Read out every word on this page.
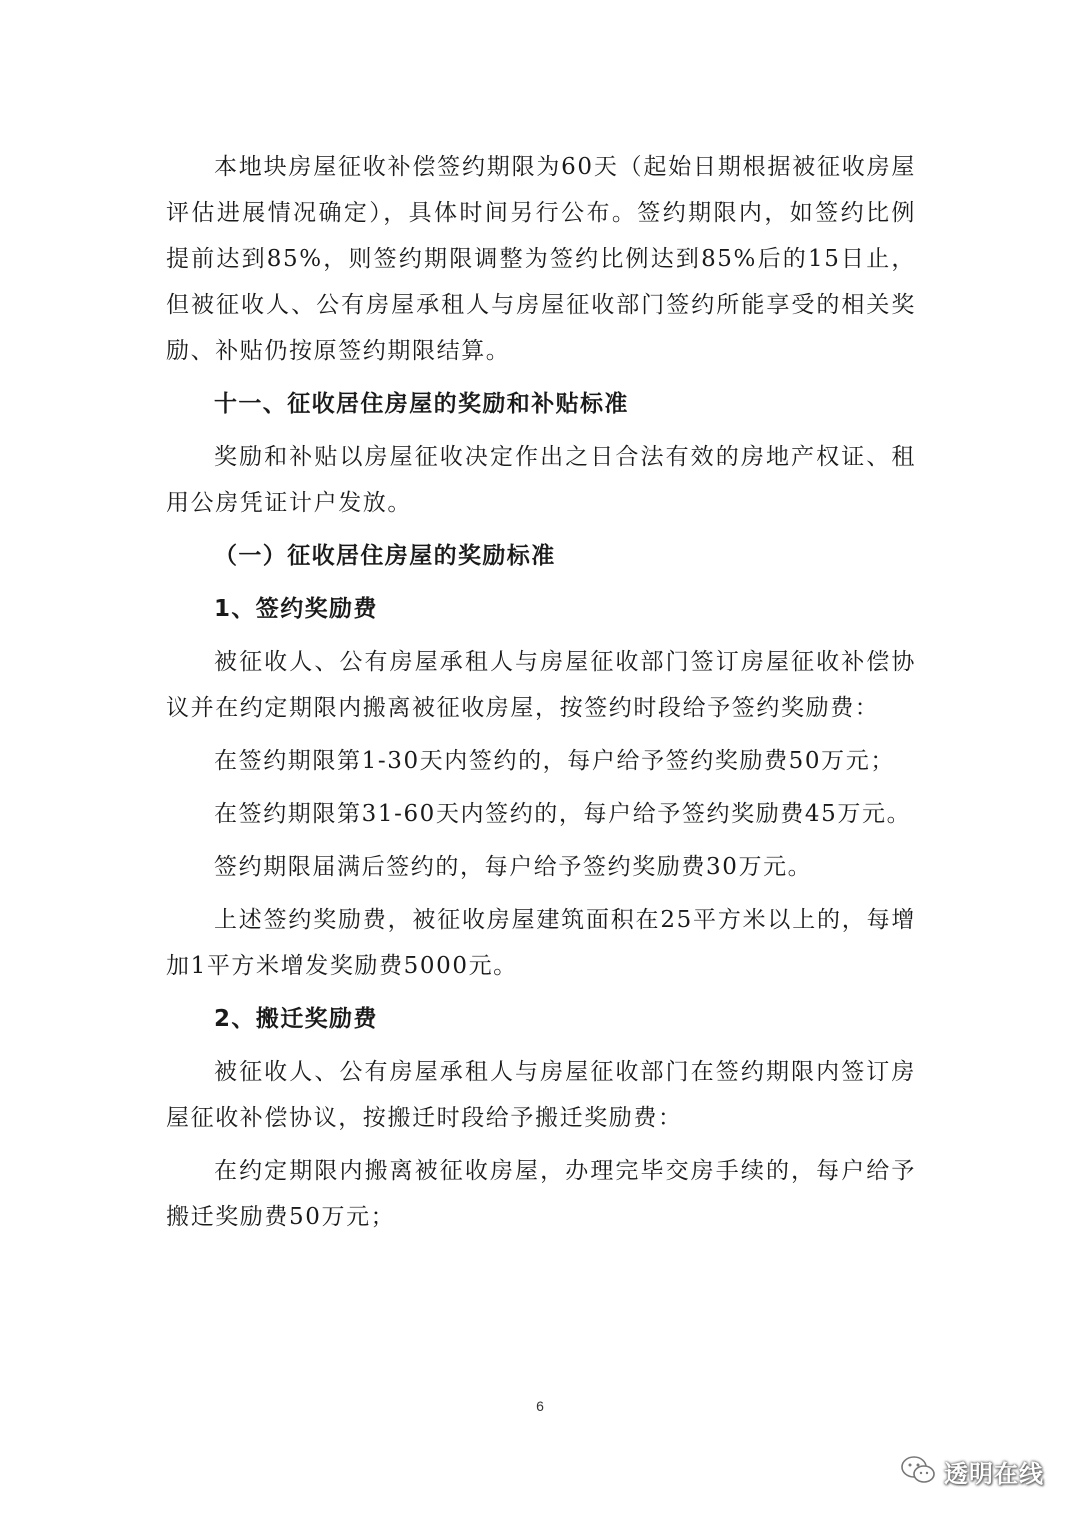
本地块房屋征收补偿签约期限为60天（起始日期根据被征收房屋评估进展情况确定），具体时间另行公布。签约期限内，如签约比例提前达到85%，则签约期限调整为签约比例达到85%后的15日止，但被征收人、公有房屋承租人与房屋征收部门签约所能享受的相关奖励、补贴仍按原签约期限结算。

十一、征收居住房屋的奖励和补贴标准

奖励和补贴以房屋征收决定作出之日合法有效的房地产权证、租用公房凭证计户发放。

（一）征收居住房屋的奖励标准

1、签约奖励费

被征收人、公有房屋承租人与房屋征收部门签订房屋征收补偿协议并在约定期限内搬离被征收房屋，按签约时段给予签约奖励费：

在签约期限第1-30天内签约的，每户给予签约奖励费50万元；

在签约期限第31-60天内签约的，每户给予签约奖励费45万元。

签约期限届满后签约的，每户给予签约奖励费30万元。

上述签约奖励费，被征收房屋建筑面积在25平方米以上的，每增加1平方米增发奖励费5000元。

2、搬迁奖励费

被征收人、公有房屋承租人与房屋征收部门在签约期限内签订房屋征收补偿协议，按搬迁时段给予搬迁奖励费：

在约定期限内搬离被征收房屋，办理完毕交房手续的，每户给予搬迁奖励费50万元；

6
透明在线
